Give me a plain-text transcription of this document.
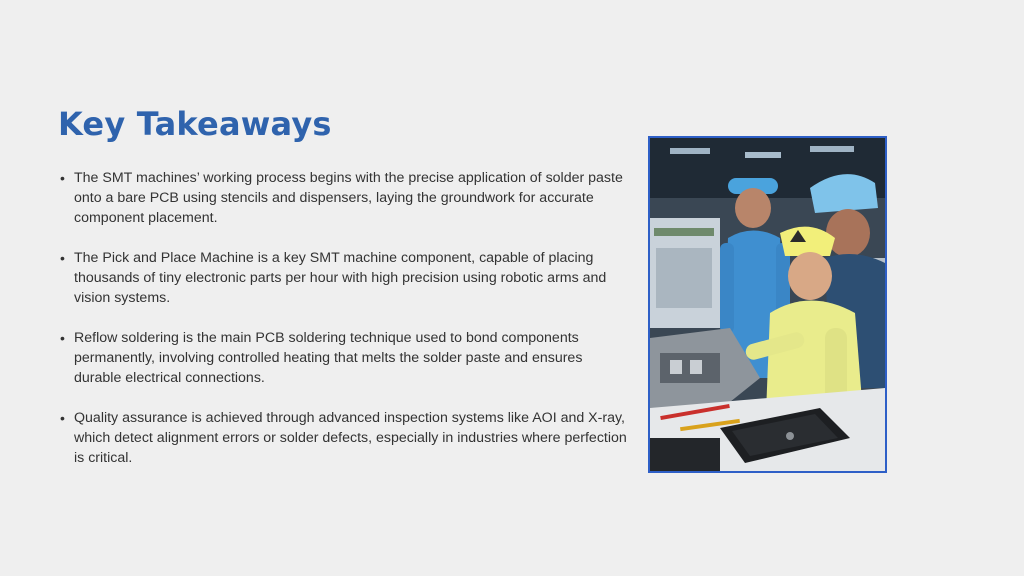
Key Takeaways
• The SMT machines’ working process begins with the precise application of solder paste onto a bare PCB using stencils and dispensers, laying the groundwork for accurate component placement.
• The Pick and Place Machine is a key SMT machine component, capable of placing thousands of tiny electronic parts per hour with high precision using robotic arms and vision systems.
• Reflow soldering is the main PCB soldering technique used to bond components permanently, involving controlled heating that melts the solder paste and ensures durable electrical connections.
• Quality assurance is achieved through advanced inspection systems like AOI and X-ray, which detect alignment errors or solder defects, especially in industries where perfection is critical.
